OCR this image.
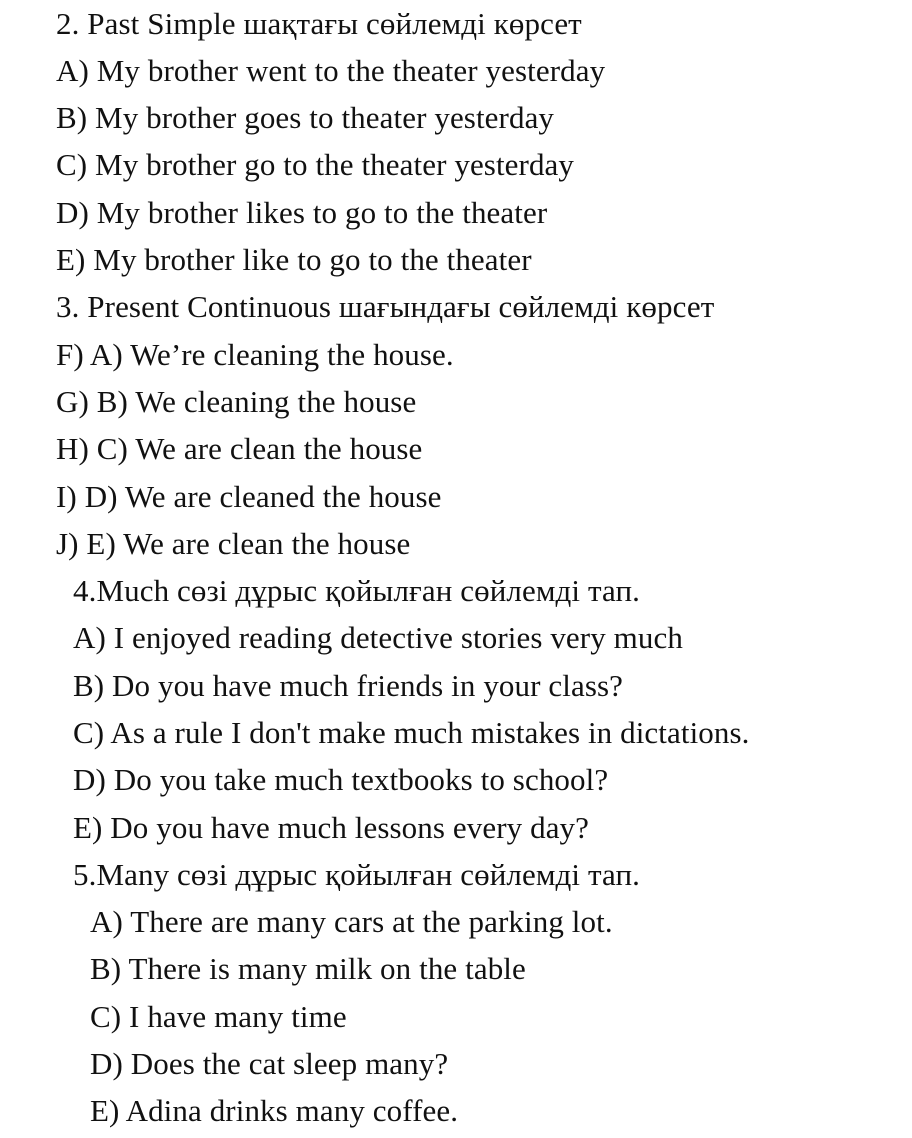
2. Past Simple шақтағы сөйлемді көрсет
A) My brother went to the theater yesterday
B) My brother goes to theater yesterday
C) My brother go to the theater yesterday
D) My brother likes to go to the theater
E) My brother like to go to the theater
3. Present Continuous шағындағы сөйлемді көрсет
F) A) We’re cleaning the house.
G) B) We cleaning the house
H) C) We are clean the house
I) D) We are cleaned the house
J) E) We are clean the house
4.Much сөзі дұрыс қойылған сөйлемді тап.
A) I enjoyed reading detective stories very much
B) Do you have much friends in your class?
C) As a rule I don't make much mistakes in dictations.
D) Do you take much textbooks to school?
E) Do you have much lessons every day?
5.Many сөзі дұрыс қойылған сөйлемді тап.
A) There are many cars at the parking lot.
B) There is many milk on the table
C) I have many time
D) Does the cat sleep many?
E) Adina drinks many coffee.
